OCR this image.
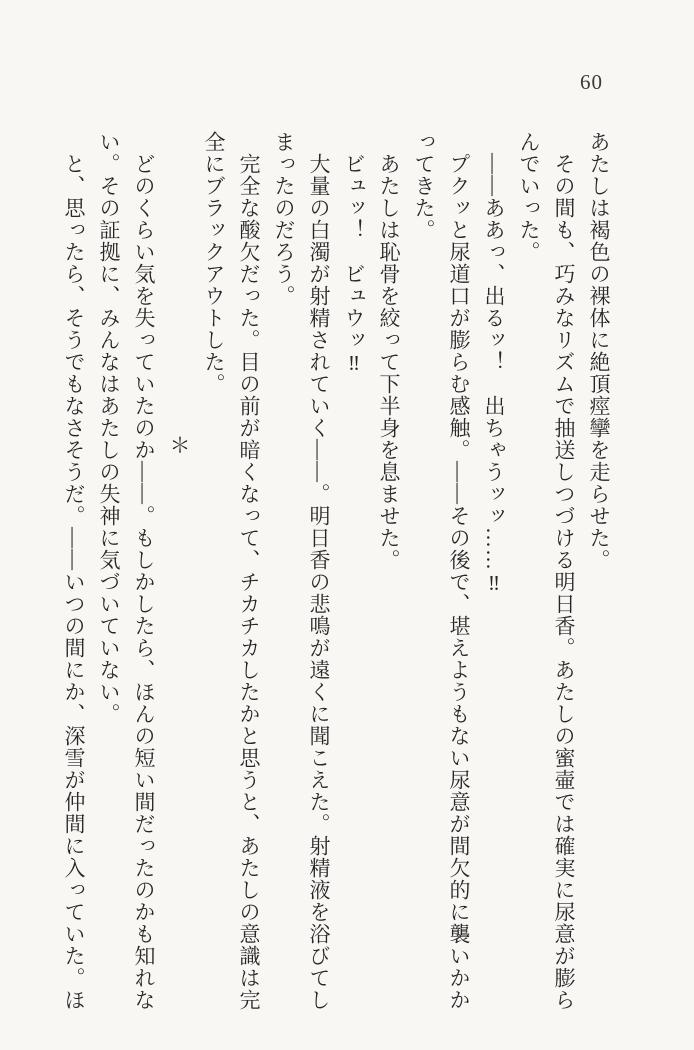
60

あたしは褐色の裸体に絶頂痙攣を走らせた。

　その間も、巧みなリズムで抽送しつづける明日香。あたしの蜜壷では確実に尿意が膨ら

んでいった。

　――ああっ、出るッ！　出ちゃうッッ……‼

　プクッと尿道口が膨らむ感触。――その後で、堪えようもない尿意が間欠的に襲いかか

ってきた。

　あたしは恥骨を絞って下半身を息ませた。

　ビュッ！　ビュウッ‼

　大量の白濁が射精されていく――。明日香の悲鳴が遠くに聞こえた。射精液を浴びてし

まったのだろう。

　完全な酸欠だった。目の前が暗くなって、チカチカしたかと思うと、あたしの意識は完

全にブラックアウトした。

＊

　どのくらい気を失っていたのか――。もしかしたら、ほんの短い間だったのかも知れな

い。その証拠に、みんなはあたしの失神に気づいていない。

　と、思ったら、そうでもなさそうだ。――いつの間にか、深雪が仲間に入っていた。ほ
